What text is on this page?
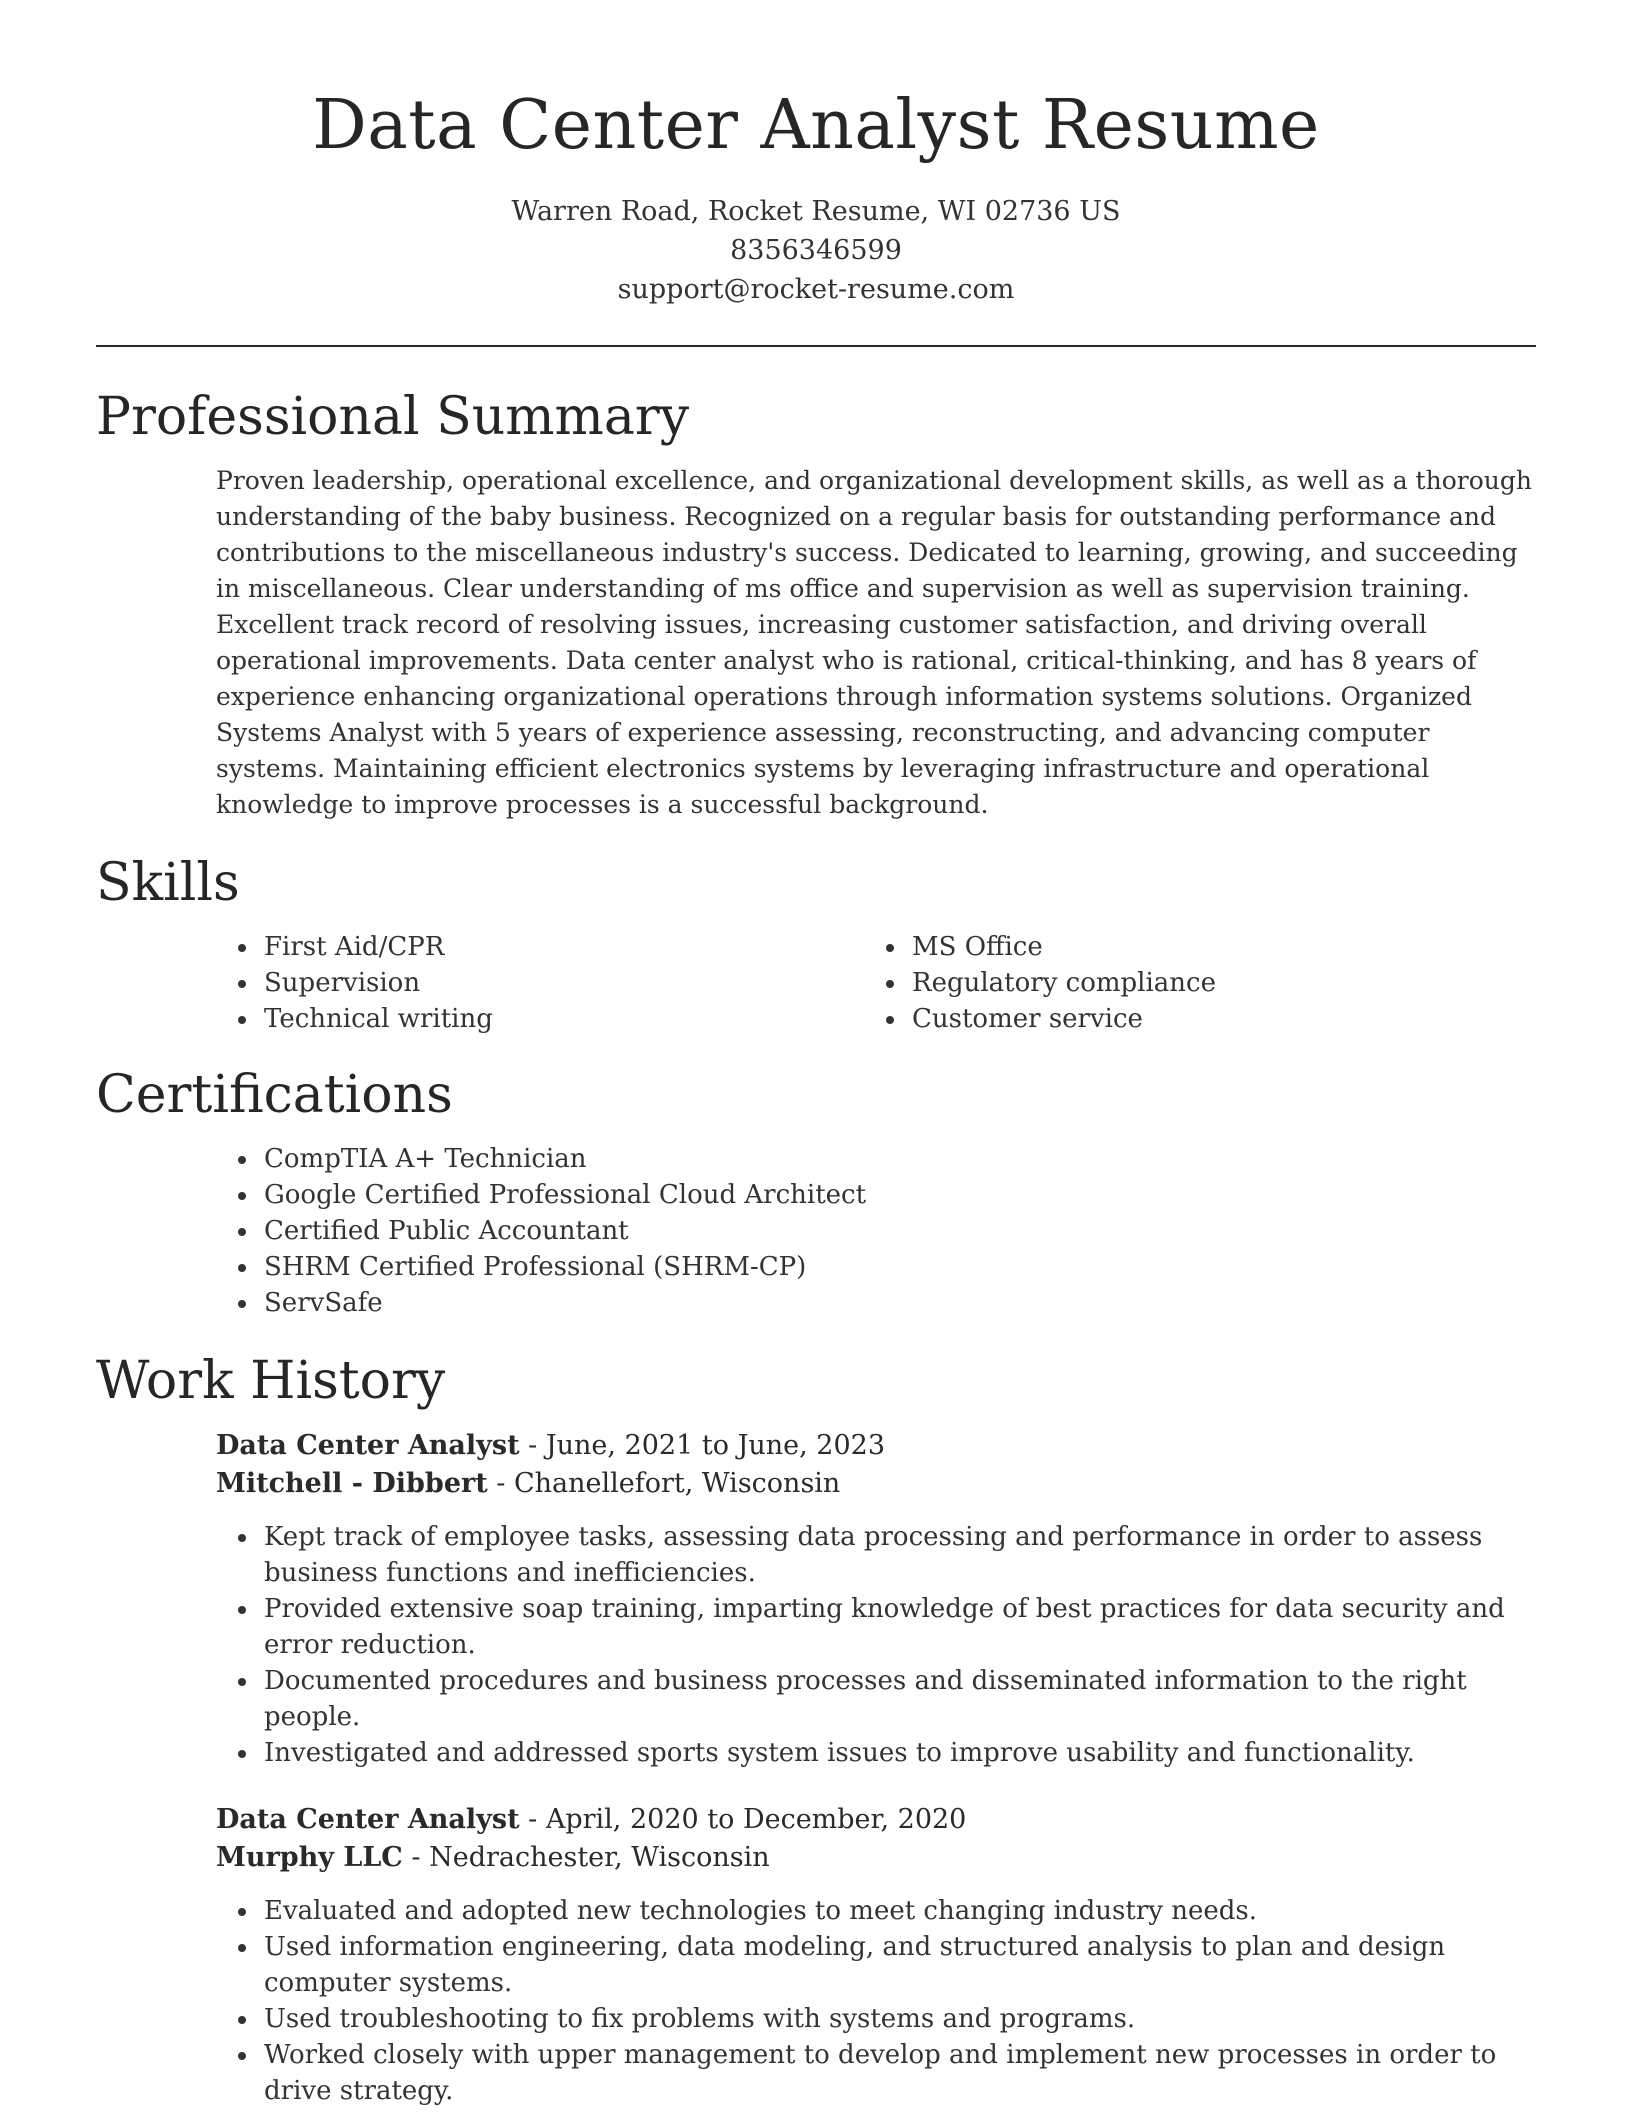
Data Center Analyst Resume
Warren Road, Rocket Resume, WI 02736 US
8356346599
support@rocket-resume.com
Professional Summary

Proven leadership, operational excellence, and organizational development skills, as well as a thorough understanding of the baby business. Recognized on a regular basis for outstanding performance and contributions to the miscellaneous industry's success. Dedicated to learning, growing, and succeeding in miscellaneous. Clear understanding of ms office and supervision as well as supervision training. Excellent track record of resolving issues, increasing customer satisfaction, and driving overall operational improvements. Data center analyst who is rational, critical-thinking, and has 8 years of experience enhancing organizational operations through information systems solutions. Organized Systems Analyst with 5 years of experience assessing, reconstructing, and advancing computer systems. Maintaining efficient electronics systems by leveraging infrastructure and operational knowledge to improve processes is a successful background.

Skills
• First Aid/CPR
• Supervision
• Technical writing
• MS Office
• Regulatory compliance
• Customer service
Certifications
• CompTIA A+ Technician
• Google Certified Professional Cloud Architect
• Certified Public Accountant
• SHRM Certified Professional (SHRM-CP)
• ServSafe
Work History
Data Center Analyst - June, 2021 to June, 2023
Mitchell - Dibbert - Chanellefort, Wisconsin
• Kept track of employee tasks, assessing data processing and performance in order to assess business functions and inefficiencies.
• Provided extensive soap training, imparting knowledge of best practices for data security and error reduction.
• Documented procedures and business processes and disseminated information to the right people.
• Investigated and addressed sports system issues to improve usability and functionality.
Data Center Analyst - April, 2020 to December, 2020
Murphy LLC - Nedrachester, Wisconsin
• Evaluated and adopted new technologies to meet changing industry needs.
• Used information engineering, data modeling, and structured analysis to plan and design computer systems.
• Used troubleshooting to fix problems with systems and programs.
• Worked closely with upper management to develop and implement new processes in order to drive strategy.
